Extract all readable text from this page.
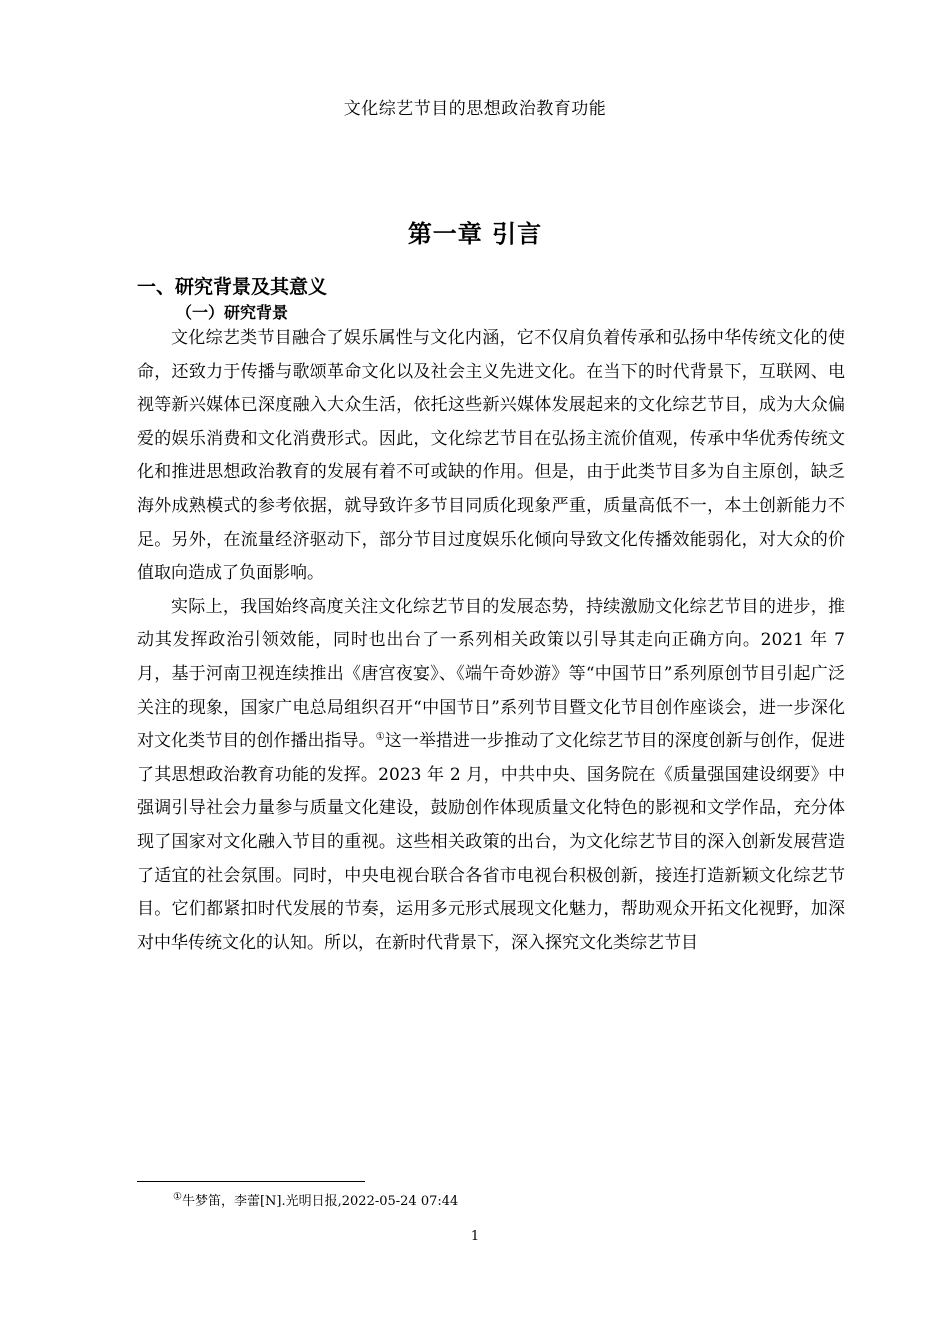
文化综艺节目的思想政治教育功能
第一章 引言
一、研究背景及其意义
（一）研究背景

文化综艺类节目融合了娱乐属性与文化内涵，它不仅肩负着传承和弘扬中华传统文化的使命，还致力于传播与歌颂革命文化以及社会主义先进文化。在当下的时代背景下，互联网、电视等新兴媒体已深度融入大众生活，依托这些新兴媒体发展起来的文化综艺节目，成为大众偏爱的娱乐消费和文化消费形式。因此，文化综艺节目在弘扬主流价值观，传承中华优秀传统文化和推进思想政治教育的发展有着不可或缺的作用。但是，由于此类节目多为自主原创，缺乏海外成熟模式的参考依据，就导致许多节目同质化现象严重，质量高低不一，本土创新能力不足。另外，在流量经济驱动下，部分节目过度娱乐化倾向导致文化传播效能弱化，对大众的价值取向造成了负面影响。

实际上，我国始终高度关注文化综艺节目的发展态势，持续激励文化综艺节目的进步，推动其发挥政治引领效能，同时也出台了一系列相关政策以引导其走向正确方向。2021 年 7 月，基于河南卫视连续推出《唐宫夜宴》、《端午奇妙游》等“中国节日”系列原创节目引起广泛关注的现象，国家广电总局组织召开“中国节日”系列节目暨文化节目创作座谈会，进一步深化对文化类节目的创作播出指导。①这一举措进一步推动了文化综艺节目的深度创新与创作，促进了其思想政治教育功能的发挥。2023 年 2 月，中共中央、国务院在《质量强国建设纲要》中强调引导社会力量参与质量文化建设，鼓励创作体现质量文化特色的影视和文学作品，充分体现了国家对文化融入节目的重视。这些相关政策的出台，为文化综艺节目的深入创新发展营造了适宜的社会氛围。同时，中央电视台联合各省市电视台积极创新，接连打造新颖文化综艺节目。它们都紧扣时代发展的节奏，运用多元形式展现文化魅力，帮助观众开拓文化视野，加深对中华传统文化的认知。所以，在新时代背景下，深入探究文化类综艺节目

①牛梦笛，李蕾[N].光明日报,2022-05-24 07:44
1
